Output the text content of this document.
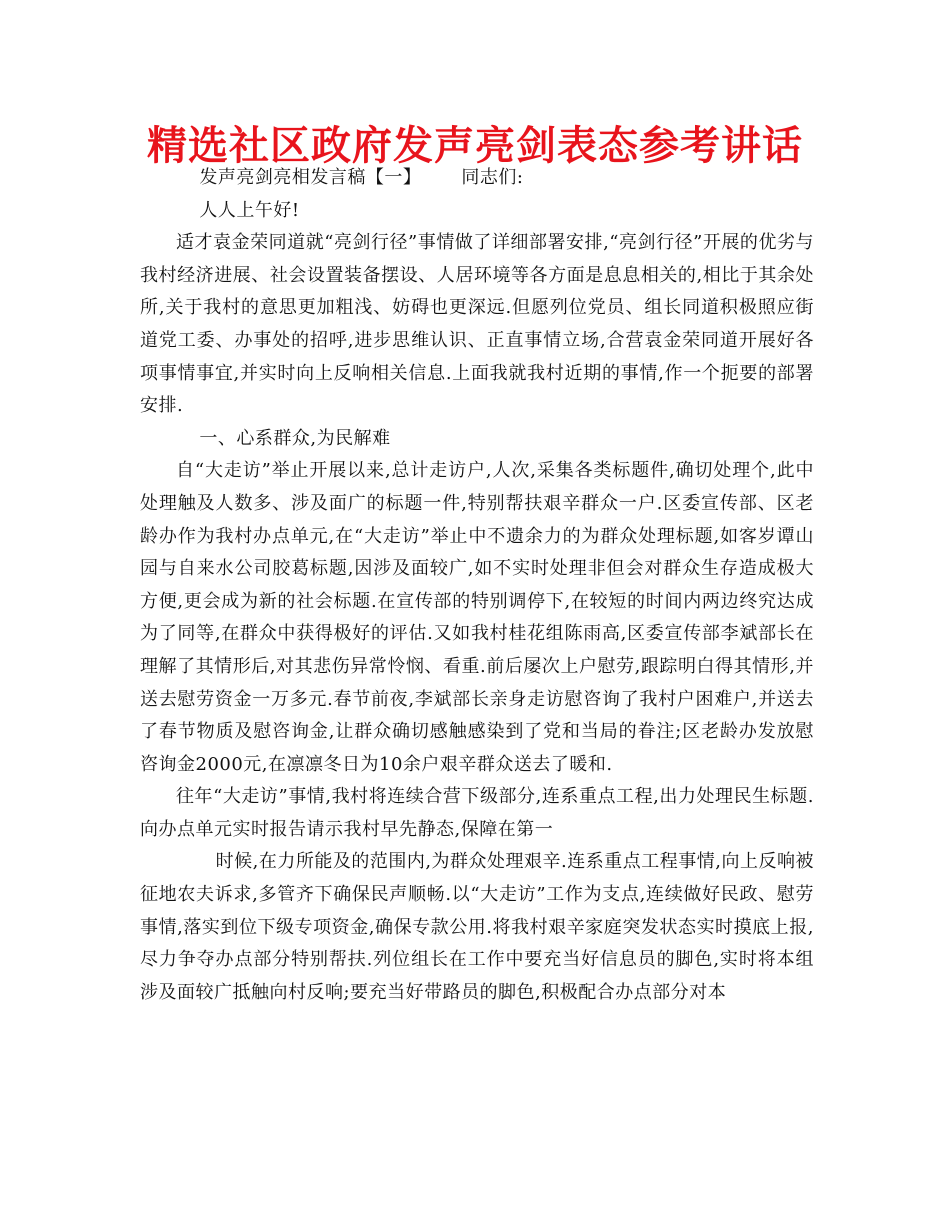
精选社区政府发声亮剑表态参考讲话

发声亮剑亮相发言稿【一】 同志们:

人人上午好!

适才袁金荣同道就“亮剑行径”事情做了详细部署安排,“亮剑行径”开展的优劣与我村经济进展、社会设置装备摆设、人居环境等各方面是息息相关的,相比于其余处所,关于我村的意思更加粗浅、妨碍也更深远.但愿列位党员、组长同道积极照应街道党工委、办事处的招呼,进步思维认识、正直事情立场,合营袁金荣同道开展好各项事情事宜,并实时向上反响相关信息.上面我就我村近期的事情,作一个扼要的部署安排.

一、心系群众,为民解难

自“大走访”举止开展以来,总计走访户,人次,采集各类标题件,确切处理个,此中处理触及人数多、涉及面广的标题一件,特别帮扶艰辛群众一户.区委宣传部、区老龄办作为我村办点单元,在“大走访”举止中不遗余力的为群众处理标题,如客岁谭山园与自来水公司胶葛标题,因涉及面较广,如不实时处理非但会对群众生存造成极大方便,更会成为新的社会标题.在宣传部的特别调停下,在较短的时间内两边终究达成为了同等,在群众中获得极好的评估.又如我村桂花组陈雨高,区委宣传部李斌部长在理解了其情形后,对其悲伤异常怜悯、看重.前后屡次上户慰劳,跟踪明白得其情形,并送去慰劳资金一万多元.春节前夜,李斌部长亲身走访慰咨询了我村户困难户,并送去了春节物质及慰咨询金,让群众确切感触感染到了党和当局的眷注;区老龄办发放慰咨询金2000元,在凛凛冬日为10余户艰辛群众送去了暖和.

往年“大走访”事情,我村将连续合营下级部分,连系重点工程,出力处理民生标题.向办点单元实时报告请示我村早先静态,保障在第一

时候,在力所能及的范围内,为群众处理艰辛.连系重点工程事情,向上反响被征地农夫诉求,多管齐下确保民声顺畅.以“大走访”工作为支点,连续做好民政、慰劳事情,落实到位下级专项资金,确保专款公用.将我村艰辛家庭突发状态实时摸底上报,尽力争夺办点部分特别帮扶.列位组长在工作中要充当好信息员的脚色,实时将本组涉及面较广抵触向村反响;要充当好带路员的脚色,积极配合办点部分对本
